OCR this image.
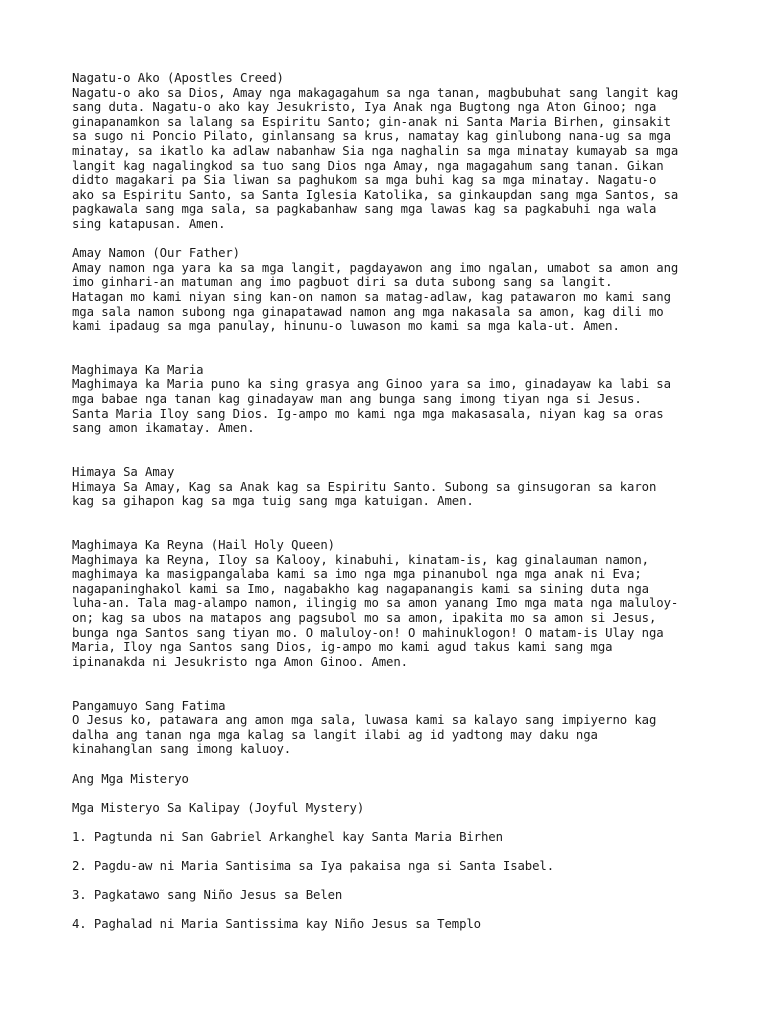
Nagatu-o Ako (Apostles Creed)

Nagatu-o ako sa Dios, Amay nga makagagahum sa nga tanan, magbubuhat sang langit kag
sang duta. Nagatu-o ako kay Jesukristo, Iya Anak nga Bugtong nga Aton Ginoo; nga
ginapanamkon sa lalang sa Espiritu Santo; gin-anak ni Santa Maria Birhen, ginsakit
sa sugo ni Poncio Pilato, ginlansang sa krus, namatay kag ginlubong nana-ug sa mga
minatay, sa ikatlo ka adlaw nabanhaw Sia nga naghalin sa mga minatay kumayab sa mga
langit kag nagalingkod sa tuo sang Dios nga Amay, nga magagahum sang tanan. Gikan
didto magakari pa Sia liwan sa paghukom sa mga buhi kag sa mga minatay. Nagatu-o
ako sa Espiritu Santo, sa Santa Iglesia Katolika, sa ginkaupdan sang mga Santos, sa
pagkawala sang mga sala, sa pagkabanhaw sang mga lawas kag sa pagkabuhi nga wala
sing katapusan. Amen.

Amay Namon (Our Father)

Amay namon nga yara ka sa mga langit, pagdayawon ang imo ngalan, umabot sa amon ang
imo ginhari-an matuman ang imo pagbuot diri sa duta subong sang sa langit.
Hatagan mo kami niyan sing kan-on namon sa matag-adlaw, kag patawaron mo kami sang
mga sala namon subong nga ginapatawad namon ang mga nakasala sa amon, kag dili mo
kami ipadaug sa mga panulay, hinunu-o luwason mo kami sa mga kala-ut. Amen.

Maghimaya Ka Maria

Maghimaya ka Maria puno ka sing grasya ang Ginoo yara sa imo, ginadayaw ka labi sa
mga babae nga tanan kag ginadayaw man ang bunga sang imong tiyan nga si Jesus.
Santa Maria Iloy sang Dios. Ig-ampo mo kami nga mga makasasala, niyan kag sa oras
sang amon ikamatay. Amen.

Himaya Sa Amay

Himaya Sa Amay, Kag sa Anak kag sa Espiritu Santo. Subong sa ginsugoran sa karon
kag sa gihapon kag sa mga tuig sang mga katuigan. Amen.

Maghimaya Ka Reyna (Hail Holy Queen)

Maghimaya ka Reyna, Iloy sa Kalooy, kinabuhi, kinatam-is, kag ginalauman namon,
maghimaya ka masigpangalaba kami sa imo nga mga pinanubol nga mga anak ni Eva;
nagapaninghakol kami sa Imo, nagabakho kag nagapanangis kami sa sining duta nga
luha-an. Tala mag-alampo namon, ilingig mo sa amon yanang Imo mga mata nga maluloy-
on; kag sa ubos na matapos ang pagsubol mo sa amon, ipakita mo sa amon si Jesus,
bunga nga Santos sang tiyan mo. O maluloy-on! O mahinuklogon! O matam-is Ulay nga
Maria, Iloy nga Santos sang Dios, ig-ampo mo kami agud takus kami sang mga
ipinanakda ni Jesukristo nga Amon Ginoo. Amen.

Pangamuyo Sang Fatima

O Jesus ko, patawara ang amon mga sala, luwasa kami sa kalayo sang impiyerno kag
dalha ang tanan nga mga kalag sa langit ilabi ag id yadtong may daku nga
kinahanglan sang imong kaluoy.

Ang Mga Misteryo

Mga Misteryo Sa Kalipay (Joyful Mystery)

1. Pagtunda ni San Gabriel Arkanghel kay Santa Maria Birhen

2. Pagdu-aw ni Maria Santisima sa Iya pakaisa nga si Santa Isabel.

3. Pagkatawo sang Niño Jesus sa Belen

4. Paghalad ni Maria Santissima kay Niño Jesus sa Templo
